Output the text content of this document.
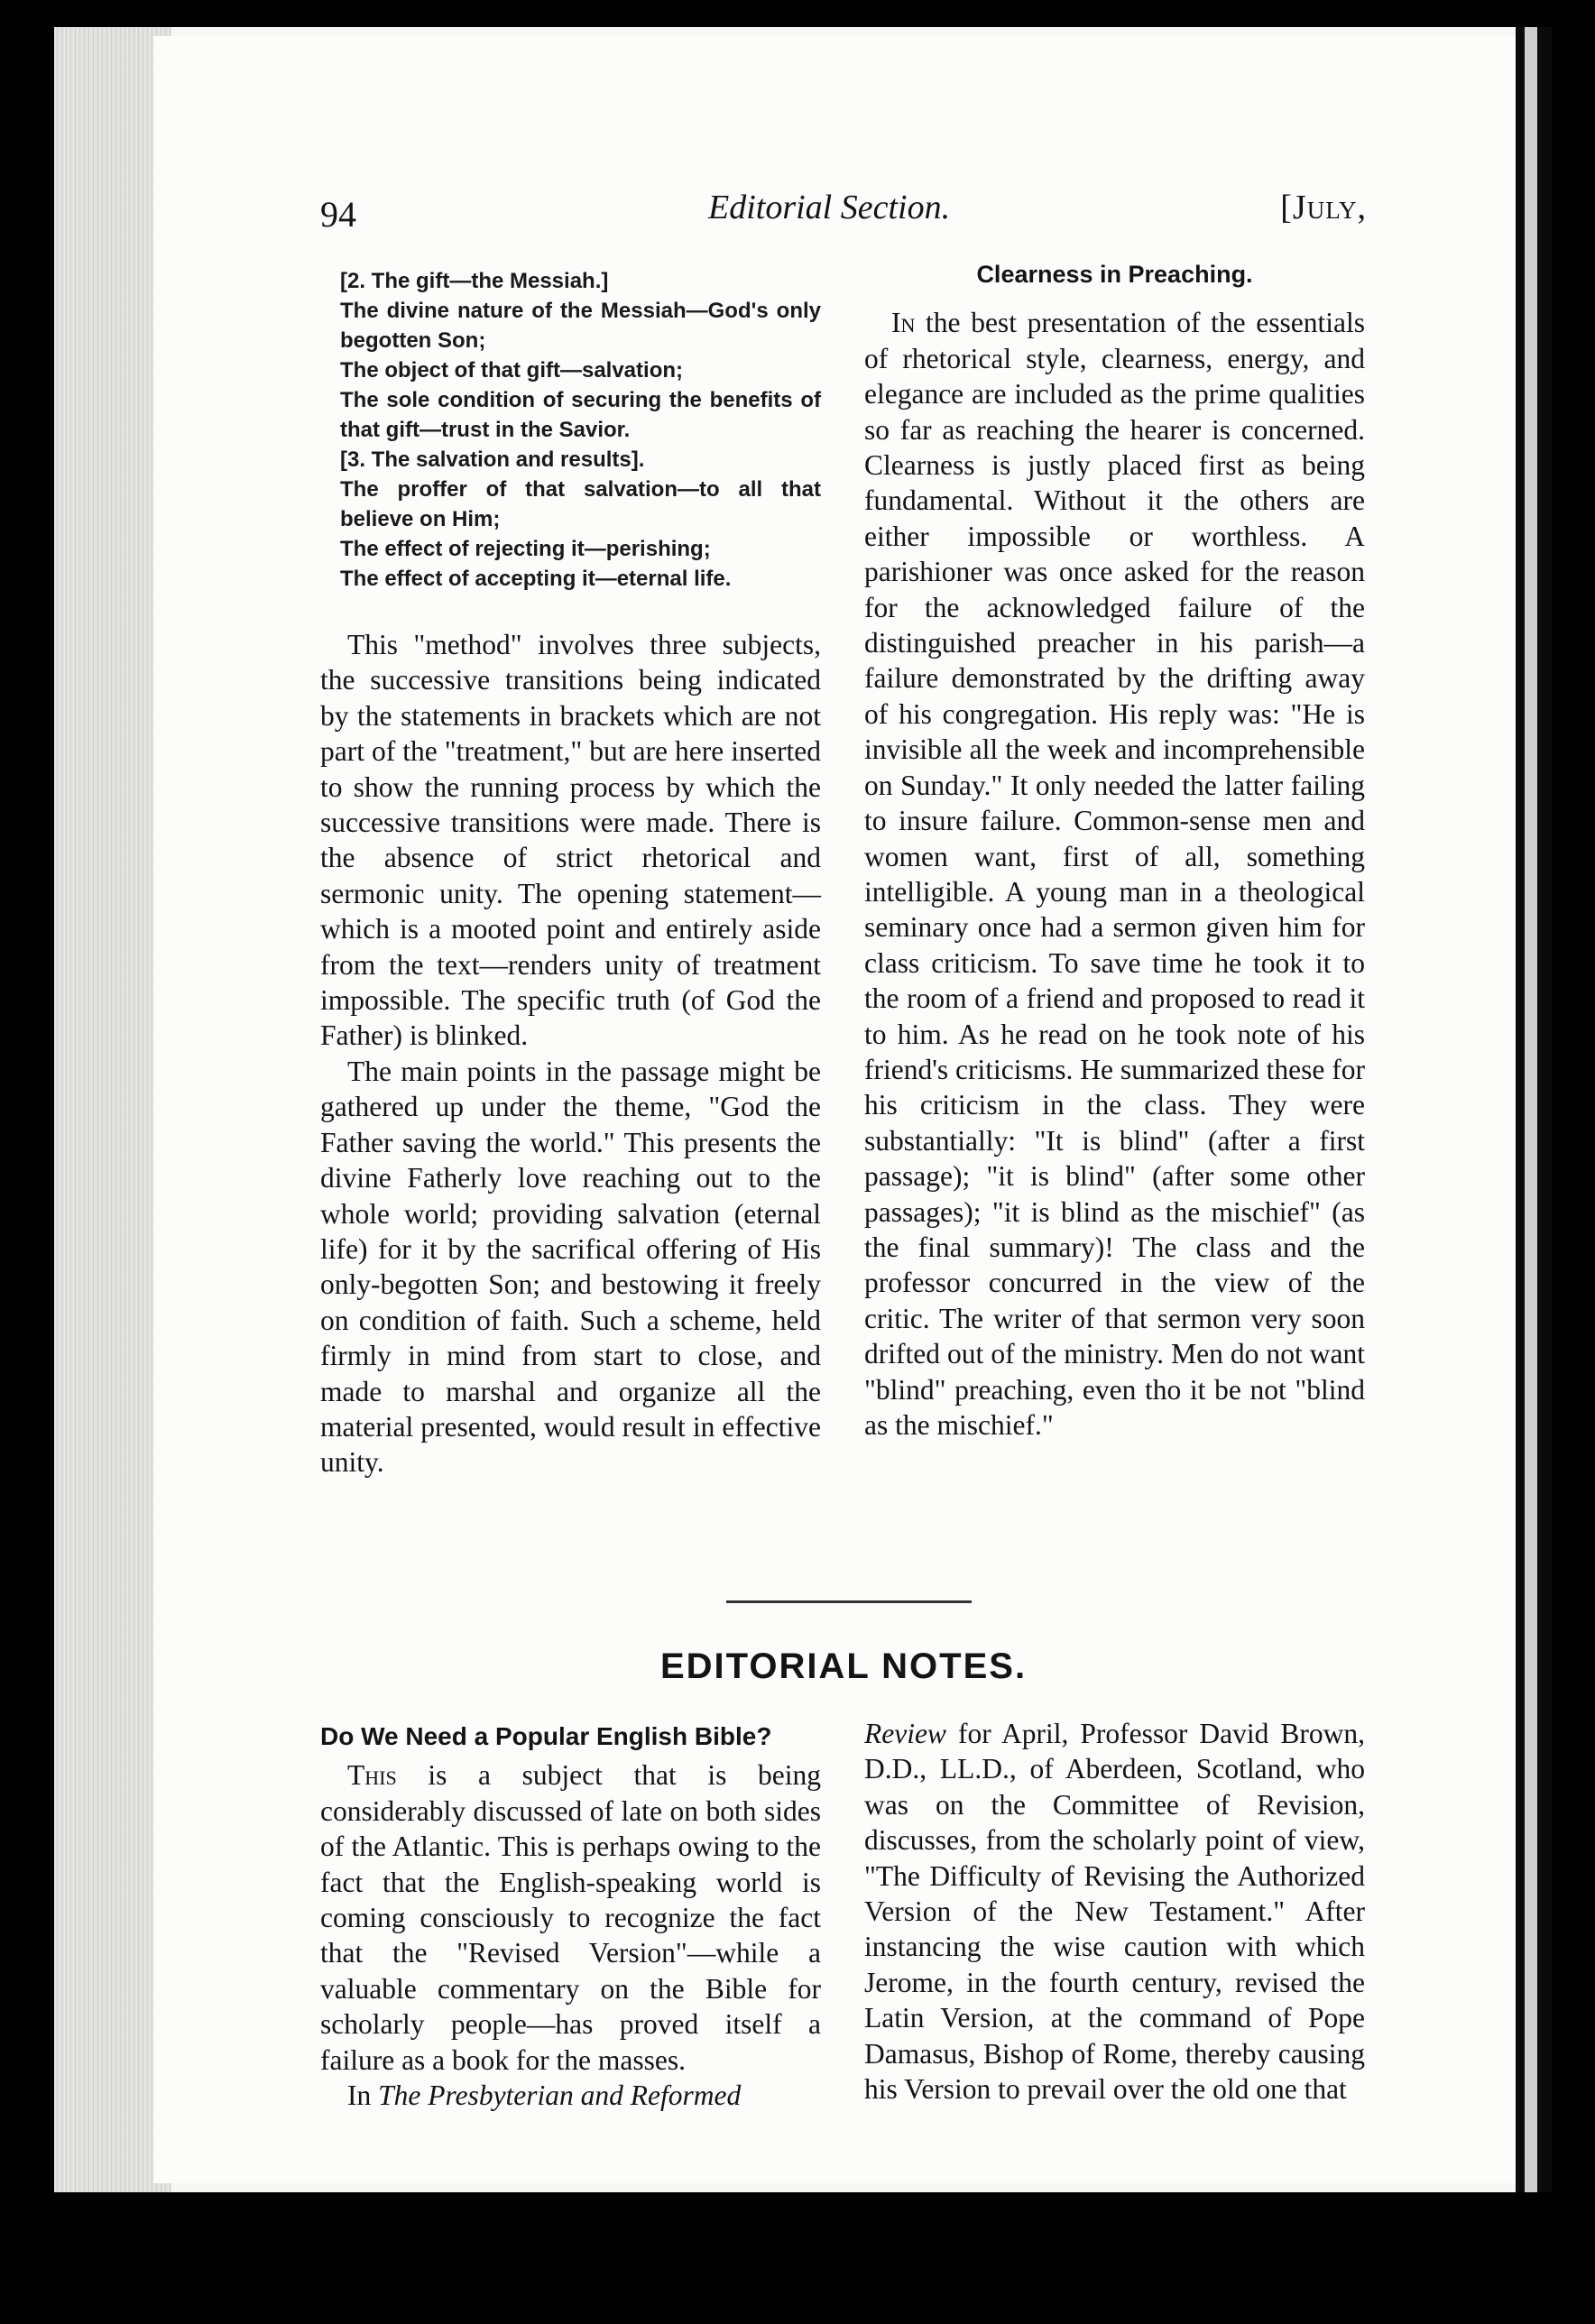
94	Editorial Section.	[July,
[2. The gift—the Messiah.]
The divine nature of the Messiah—God's only begotten Son;
The object of that gift—salvation;
The sole condition of securing the benefits of that gift—trust in the Savior.
[3. The salvation and results].
The proffer of that salvation—to all that believe on Him;
The effect of rejecting it—perishing;
The effect of accepting it—eternal life.

This "method" involves three subjects, the successive transitions being indicated by the statements in brackets which are not part of the "treatment," but are here inserted to show the running process by which the successive transitions were made. There is the absence of strict rhetorical and sermonic unity. The opening statement—which is a mooted point and entirely aside from the text—renders unity of treatment impossible. The specific truth (of God the Father) is blinked.

The main points in the passage might be gathered up under the theme, "God the Father saving the world." This presents the divine Fatherly love reaching out to the whole world; providing salvation (eternal life) for it by the sacrifical offering of His only-begotten Son; and bestowing it freely on condition of faith. Such a scheme, held firmly in mind from start to close, and made to marshal and organize all the material presented, would result in effective unity.

Clearness in Preaching.

In the best presentation of the essentials of rhetorical style, clearness, energy, and elegance are included as the prime qualities so far as reaching the hearer is concerned. Clearness is justly placed first as being fundamental. Without it the others are either impossible or worthless. A parishioner was once asked for the reason for the acknowledged failure of the distinguished preacher in his parish—a failure demonstrated by the drifting away of his congregation. His reply was: "He is invisible all the week and incomprehensible on Sunday." It only needed the latter failing to insure failure. Common-sense men and women want, first of all, something intelligible. A young man in a theological seminary once had a sermon given him for class criticism. To save time he took it to the room of a friend and proposed to read it to him. As he read on he took note of his friend's criticisms. He summarized these for his criticism in the class. They were substantially: "It is blind" (after a first passage); "it is blind" (after some other passages); "it is blind as the mischief" (as the final summary)! The class and the professor concurred in the view of the critic. The writer of that sermon very soon drifted out of the ministry. Men do not want "blind" preaching, even tho it be not "blind as the mischief."

EDITORIAL NOTES.
Do We Need a Popular English Bible?

This is a subject that is being considerably discussed of late on both sides of the Atlantic. This is perhaps owing to the fact that the English-speaking world is coming consciously to recognize the fact that the "Revised Version"—while a valuable commentary on the Bible for scholarly people—has proved itself a failure as a book for the masses.

In The Presbyterian and Reformed

Review for April, Professor David Brown, D.D., LL.D., of Aberdeen, Scotland, who was on the Committee of Revision, discusses, from the scholarly point of view, "The Difficulty of Revising the Authorized Version of the New Testament." After instancing the wise caution with which Jerome, in the fourth century, revised the Latin Version, at the command of Pope Damasus, Bishop of Rome, thereby causing his Version to prevail over the old one that
